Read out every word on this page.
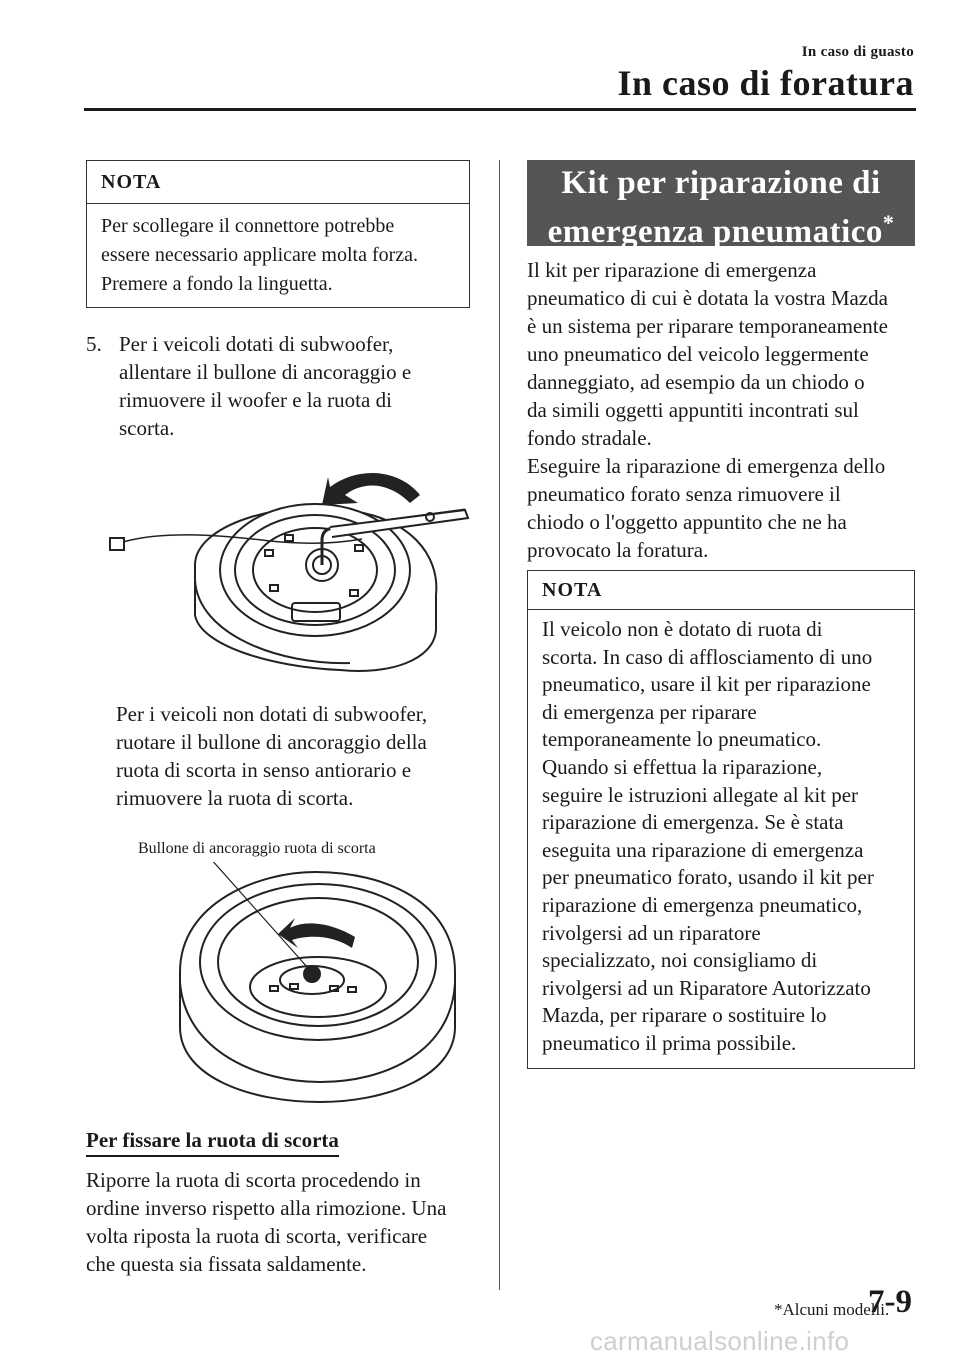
In caso di guasto
In caso di foratura
NOTA
Per scollegare il connettore potrebbe
essere necessario applicare molta forza.
Premere a fondo la linguetta.
5. Per i veicoli dotati di subwoofer,
allentare il bullone di ancoraggio e
rimuovere il woofer e la ruota di
scorta.
Per i veicoli non dotati di subwoofer,
ruotare il bullone di ancoraggio della
ruota di scorta in senso antiorario e
rimuovere la ruota di scorta.
Bullone di ancoraggio ruota di scorta
Per fissare la ruota di scorta
Riporre la ruota di scorta procedendo in
ordine inverso rispetto alla rimozione. Una
volta riposta la ruota di scorta, verificare
che questa sia fissata saldamente.
Kit per riparazione di
emergenza pneumatico*
Il kit per riparazione di emergenza
pneumatico di cui è dotata la vostra Mazda
è un sistema per riparare temporaneamente
uno pneumatico del veicolo leggermente
danneggiato, ad esempio da un chiodo o
da simili oggetti appuntiti incontrati sul
fondo stradale.
Eseguire la riparazione di emergenza dello
pneumatico forato senza rimuovere il
chiodo o l'oggetto appuntito che ne ha
provocato la foratura.
NOTA
Il veicolo non è dotato di ruota di
scorta. In caso di afflosciamento di uno
pneumatico, usare il kit per riparazione
di emergenza per riparare
temporaneamente lo pneumatico.
Quando si effettua la riparazione,
seguire le istruzioni allegate al kit per
riparazione di emergenza. Se è stata
eseguita una riparazione di emergenza
per pneumatico forato, usando il kit per
riparazione di emergenza pneumatico,
rivolgersi ad un riparatore
specializzato, noi consigliamo di
rivolgersi ad un Riparatore Autorizzato
Mazda, per riparare o sostituire lo
pneumatico il prima possibile.
*Alcuni modelli.
7-9
carmanualsonline.info
